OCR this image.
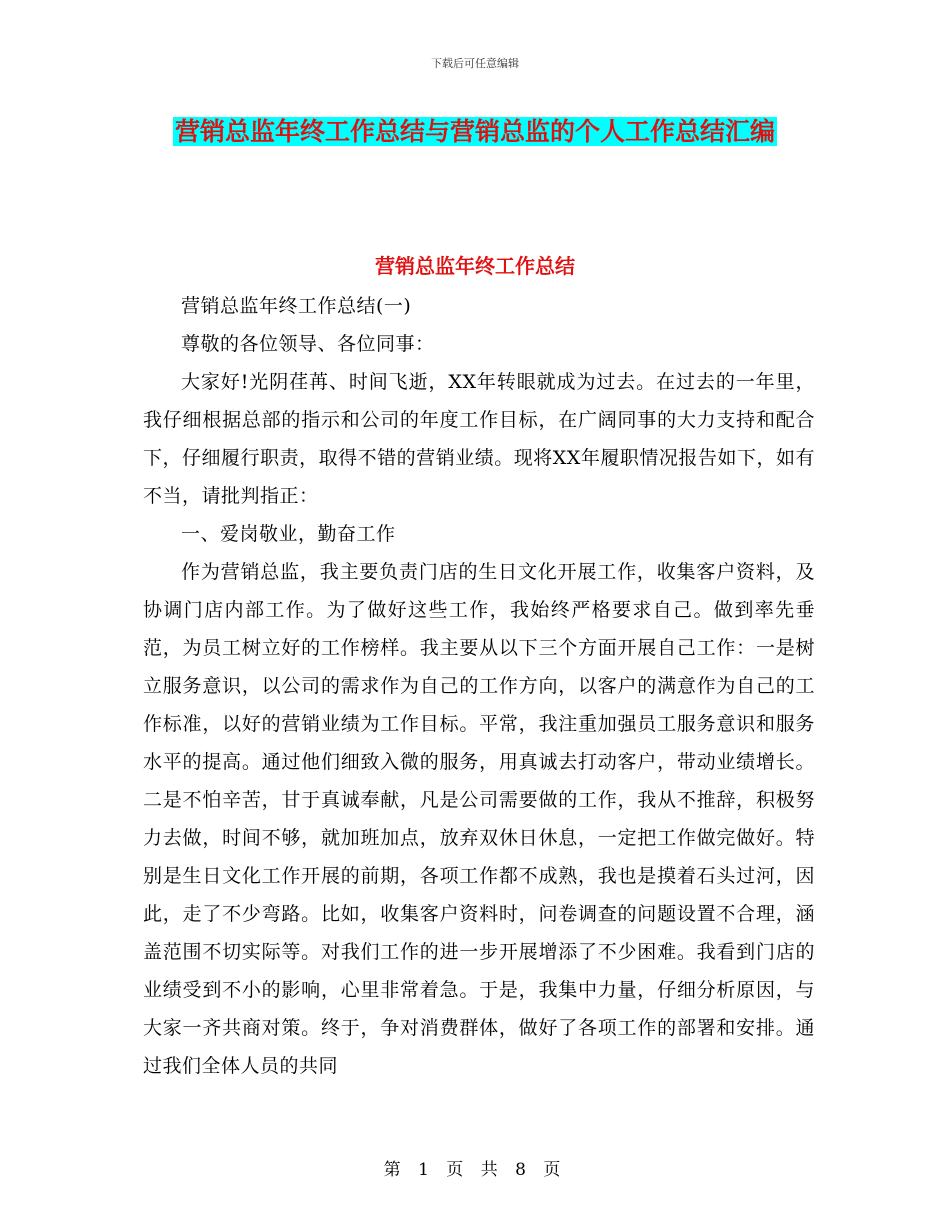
下载后可任意编辑
营销总监年终工作总结与营销总监的个人工作总结汇编
营销总监年终工作总结

营销总监年终工作总结(一)

尊敬的各位领导、各位同事：

大家好!光阴荏苒、时间飞逝，XX年转眼就成为过去。在过去的一年里，我仔细根据总部的指示和公司的年度工作目标，在广阔同事的大力支持和配合下，仔细履行职责，取得不错的营销业绩。现将XX年履职情况报告如下，如有不当，请批判指正：

一、爱岗敬业，勤奋工作

作为营销总监，我主要负责门店的生日文化开展工作，收集客户资料，及协调门店内部工作。为了做好这些工作，我始终严格要求自己。做到率先垂范，为员工树立好的工作榜样。我主要从以下三个方面开展自己工作：一是树立服务意识，以公司的需求作为自己的工作方向，以客户的满意作为自己的工作标准，以好的营销业绩为工作目标。平常，我注重加强员工服务意识和服务水平的提高。通过他们细致入微的服务，用真诚去打动客户，带动业绩增长。二是不怕辛苦，甘于真诚奉献，凡是公司需要做的工作，我从不推辞，积极努力去做，时间不够，就加班加点，放弃双休日休息，一定把工作做完做好。特别是生日文化工作开展的前期，各项工作都不成熟，我也是摸着石头过河，因此，走了不少弯路。比如，收集客户资料时，问卷调查的问题设置不合理，涵盖范围不切实际等。对我们工作的进一步开展增添了不少困难。我看到门店的业绩受到不小的影响，心里非常着急。于是，我集中力量，仔细分析原因，与大家一齐共商对策。终于，争对消费群体，做好了各项工作的部署和安排。通过我们全体人员的共同

第 1 页 共 8 页
